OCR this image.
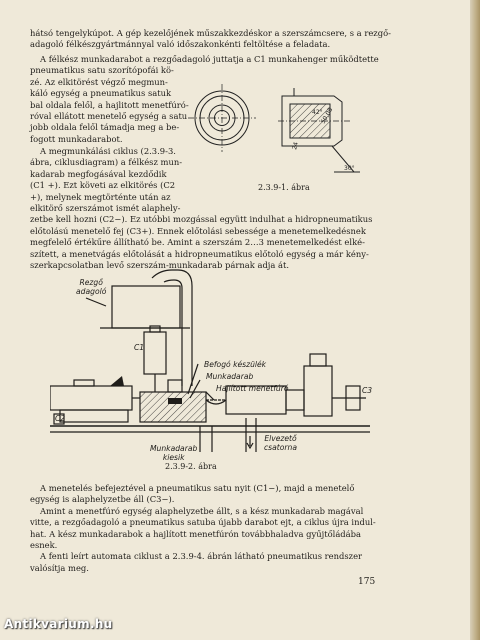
hátsó tengelykúpot. A gép kezelőjének műszakkezdéskor a szerszámcsere, s a rezgő-
adagoló félkészgyártmánnyal való időszakonkénti feltöltése a feladata.
A félkész munkadarabot a rezgőadagoló juttatja a C1 munkahenger működtette
pneumatikus satu szorítópofái kö-
zé. Az elkitörést végző megmun-
káló egység a pneumatikus satuk
bal oldala felől, a hajlitott menetfúró-
róval ellátott menetelő egység a satu
jobb oldala felől támadja meg a be-
fogott munkadarabot.
A megmunkálási ciklus (2.3.9-3.
ábra, ciklusdiagram) a félkész mun-
kadarab megfogásával kezdődik
(C1 +). Ezt követi az elkitörés (C2
+), melynek megtörténte után az
elkitörő szerszámot ismét alaphely-
zetbe kell hozni (C2−). Ez utóbbi mozgással együtt indulhat a hidropneumatikus
előtolású menetelő fej (C3+). Ennek előtolási sebessége a menetemelkedésnek
megfelelő értékűre állítható be. Amint a szerszám 2…3 menetemelkedést elké-
szített, a menetvágás előtolását a hidropneumatikus előtoló egység a már kény-
szerkapcsolatban levő szerszám-munkadarab párnak adja át.
42°
50,08
24
30°
2.3.9-1. ábra
Rezgő
adagoló
Befogó készülék
Munkadarab
Hajlított menetfúró
C1
C2
C3
Munkadarab
kiesik
Elvezető
csatorna
2.3.9-2. ábra
A menetelés befejeztével a pneumatikus satu nyit (C1−), majd a menetelő
egység is alaphelyzetbe áll (C3−).
Amint a menetfúró egység alaphelyzetbe állt, s a kész munkadarab magával
vitte, a rezgőadagoló a pneumatikus satuba újabb darabot ejt, a ciklus újra indul-
hat. A kész munkadarabok a hajlított menetfúrón továbbhaladva gyűjtőládába
esnek.
A fenti leírt automata ciklust a 2.3.9-4. ábrán látható pneumatikus rendszer
valósítja meg.
175
Antikvarium.hu
